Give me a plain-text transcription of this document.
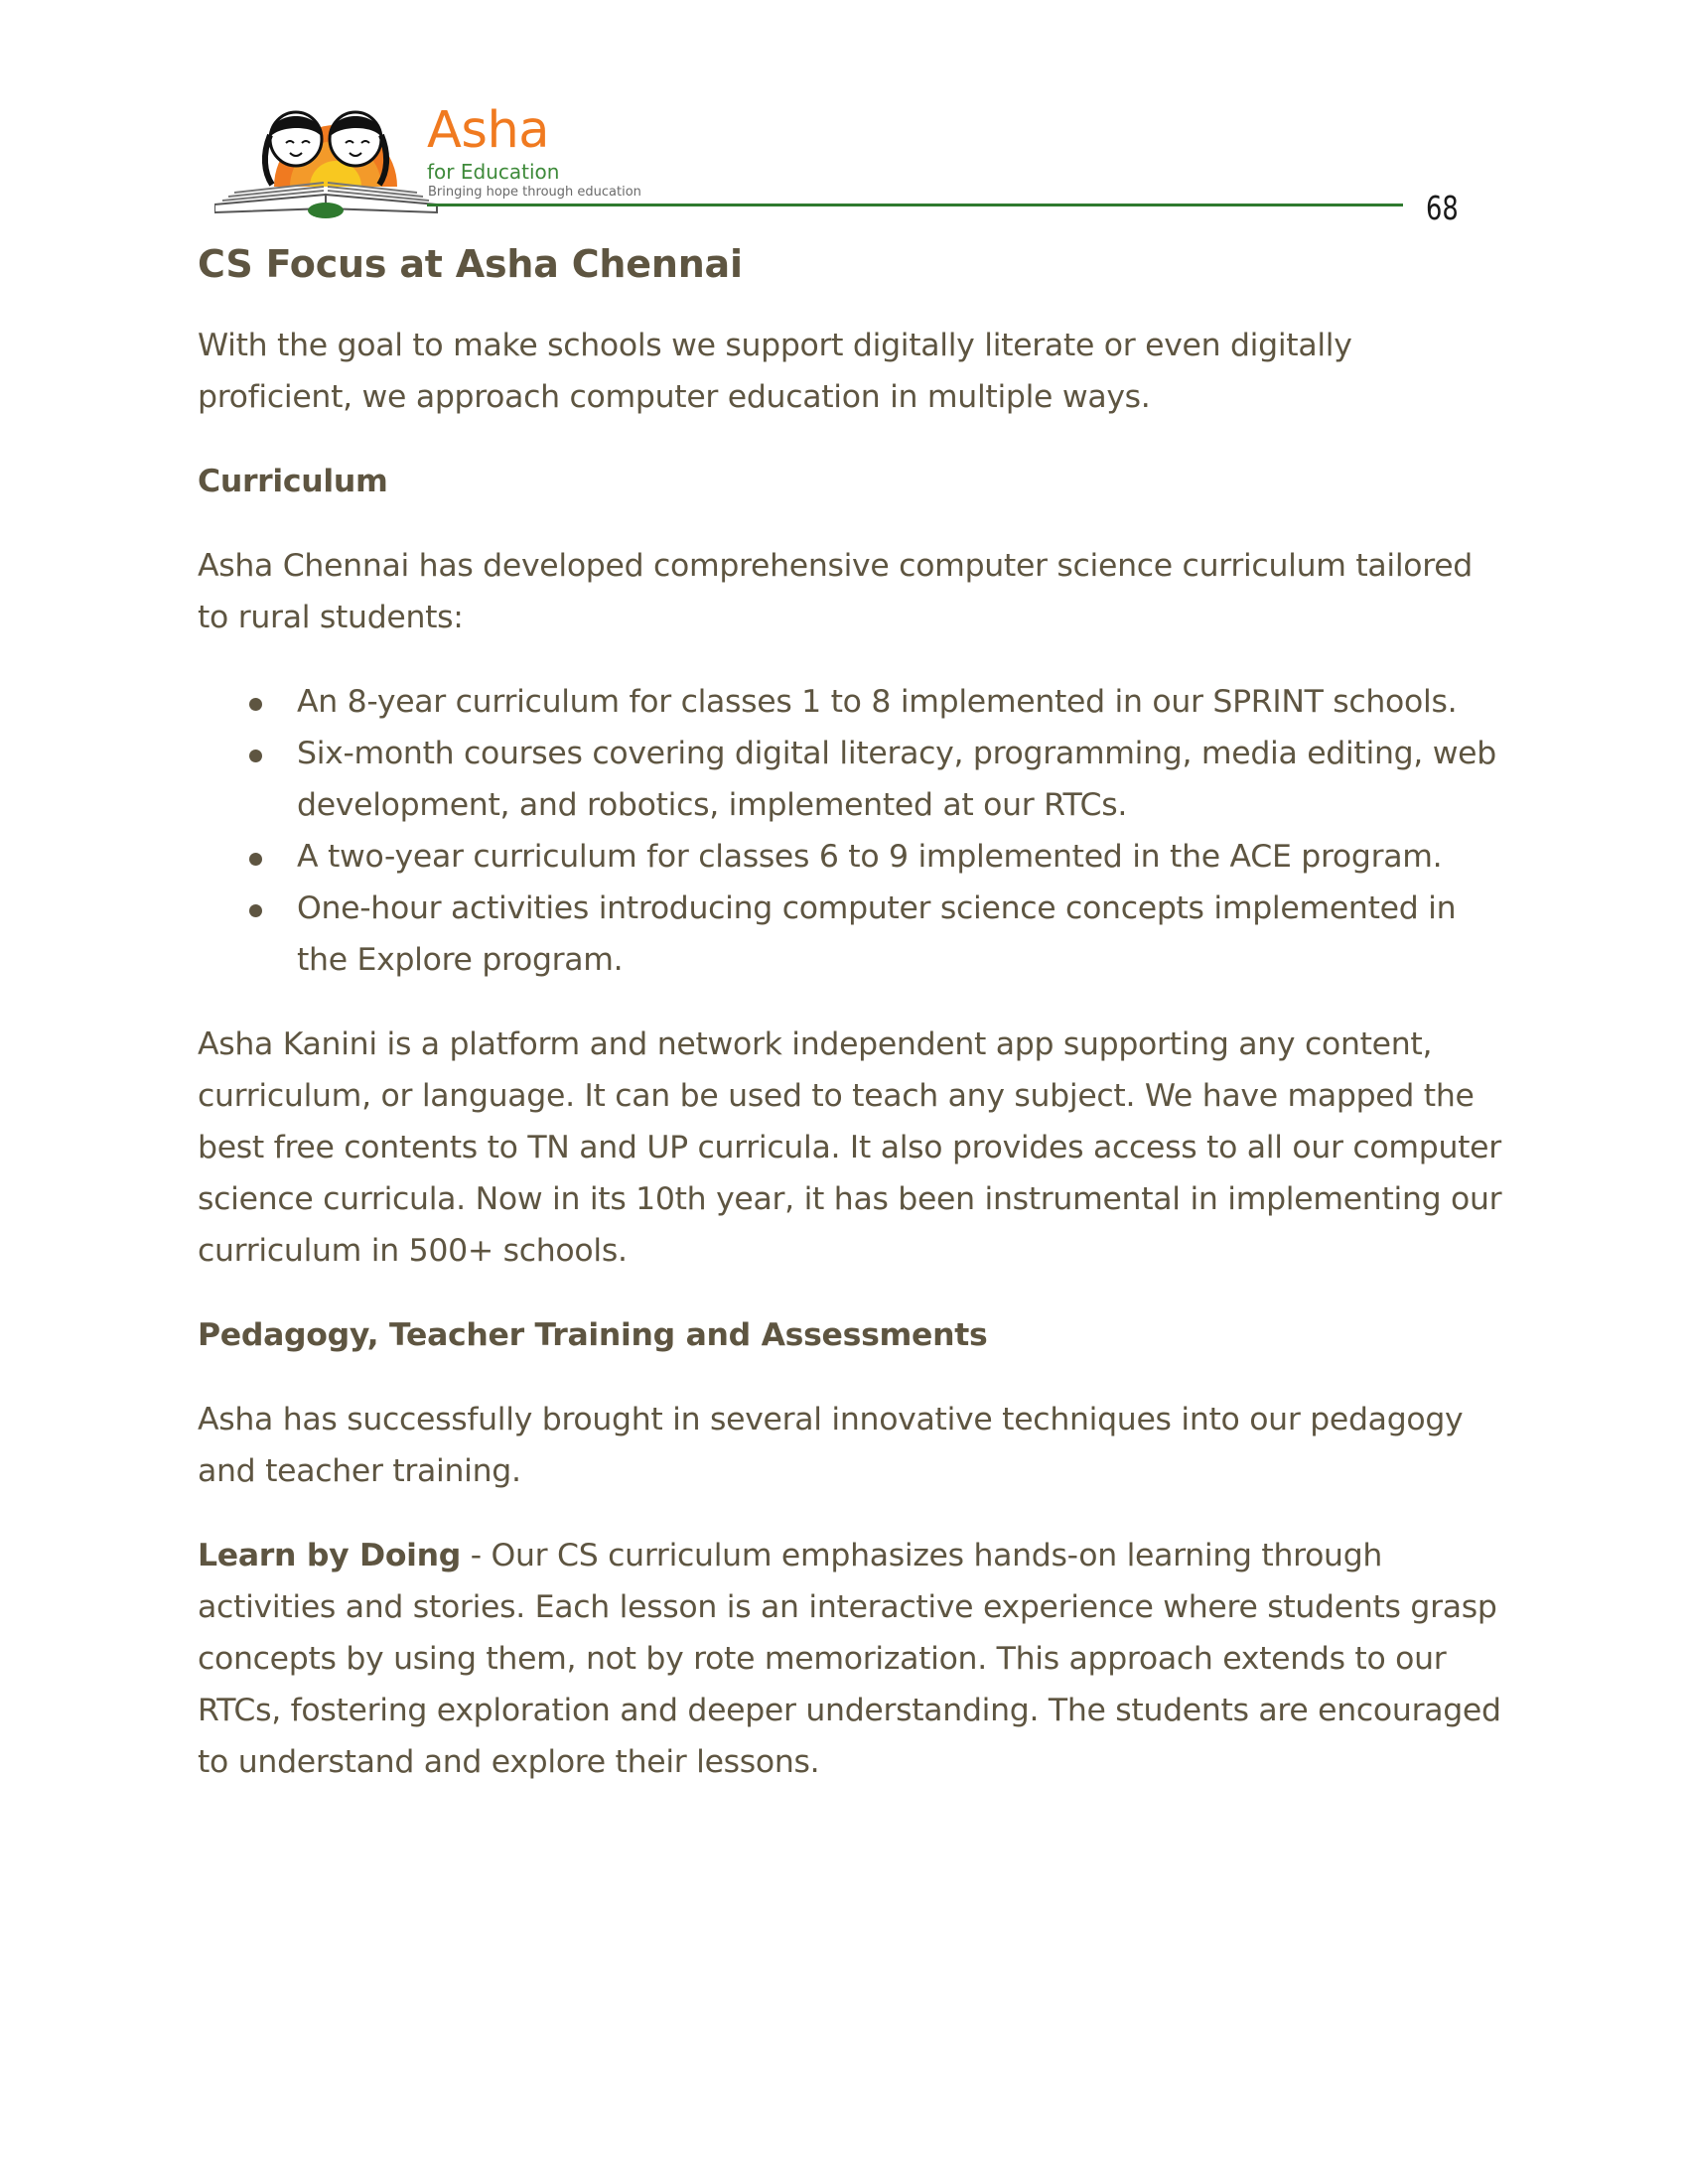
Asha
for Education
Bringing hope through education	68
CS Focus at Asha Chennai

With the goal to make schools we support digitally literate or even digitally proficient, we approach computer education in multiple ways.

Curriculum

Asha Chennai has developed comprehensive computer science curriculum tailored to rural students:

An 8-year curriculum for classes 1 to 8 implemented in our SPRINT schools.
Six-month courses covering digital literacy, programming, media editing, web development, and robotics, implemented at our RTCs.
A two-year curriculum for classes 6 to 9 implemented in the ACE program.
One-hour activities introducing computer science concepts implemented in the Explore program.

Asha Kanini is a platform and network independent app supporting any content, curriculum, or language. It can be used to teach any subject. We have mapped the best free contents to TN and UP curricula. It also provides access to all our computer science curricula. Now in its 10th year, it has been instrumental in implementing our curriculum in 500+ schools.

Pedagogy, Teacher Training and Assessments

Asha has successfully brought in several innovative techniques into our pedagogy and teacher training.

Learn by Doing - Our CS curriculum emphasizes hands-on learning through activities and stories. Each lesson is an interactive experience where students grasp concepts by using them, not by rote memorization. This approach extends to our RTCs, fostering exploration and deeper understanding. The students are encouraged to understand and explore their lessons.
